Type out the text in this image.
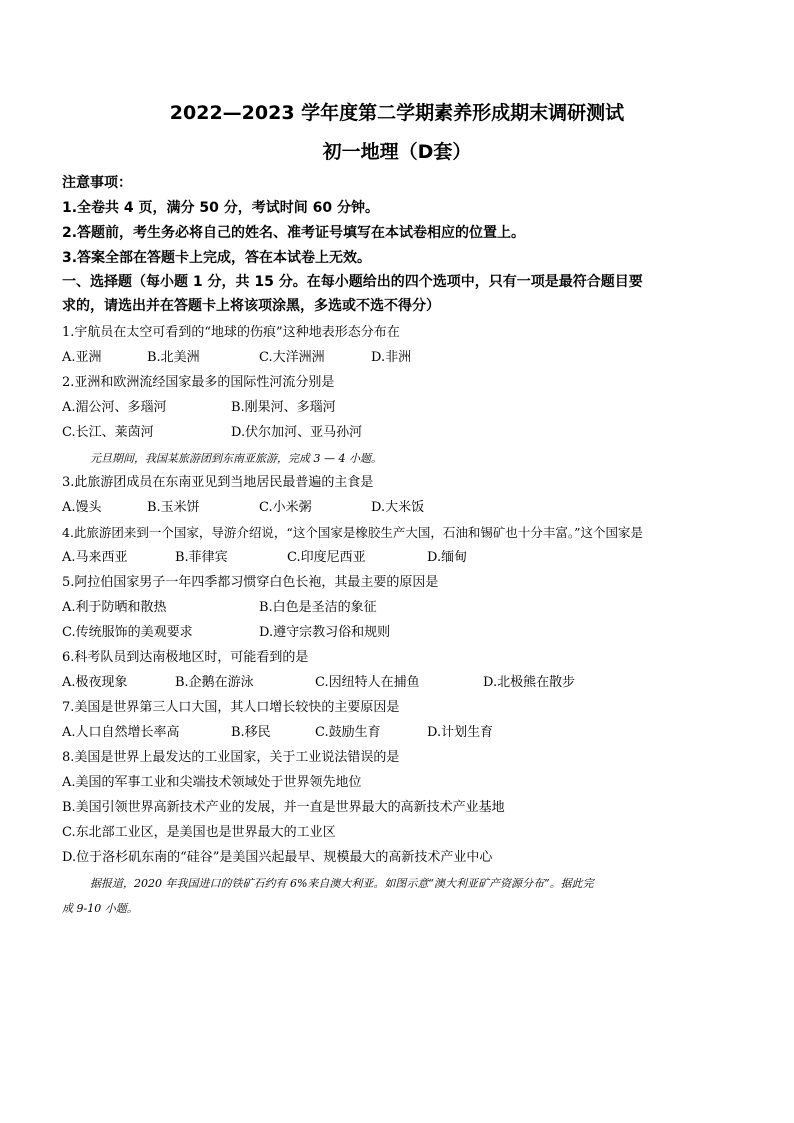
2022—2023 学年度第二学期素养形成期末调研测试
初一地理（D套）
注意事项：
1.全卷共 4 页，满分 50 分，考试时间 60 分钟。
2.答题前，考生务必将自己的姓名、准考证号填写在本试卷相应的位置上。
3.答案全部在答题卡上完成，答在本试卷上无效。
一、选择题（每小题 1 分，共 15 分。在每小题给出的四个选项中，只有一项是最符合题目要
求的，请选出并在答题卡上将该项涂黑，多选或不选不得分）
1.宇航员在太空可看到的“地球的伤痕”这种地表形态分布在
A.亚洲	B.北美洲	C.大洋洲洲	D.非洲
2.亚洲和欧洲流经国家最多的国际性河流分别是
A.湄公河、多瑙河	B.刚果河、多瑙河
C.长江、莱茵河	D.伏尔加河、亚马孙河
元旦期间，我国某旅游团到东南亚旅游，完成 3 — 4 小题。
3.此旅游团成员在东南亚见到当地居民最普遍的主食是
A.馒头	B.玉米饼	C.小米粥	D.大米饭
4.此旅游团来到一个国家，导游介绍说，“这个国家是橡胶生产大国，石油和锡矿也十分丰富。”这个国家是
A.马来西亚	B.菲律宾	C.印度尼西亚	D.缅甸
5.阿拉伯国家男子一年四季都习惯穿白色长袍，其最主要的原因是
A.利于防晒和散热	B.白色是圣洁的象征
C.传统服饰的美观要求	D.遵守宗教习俗和规则
6.科考队员到达南极地区时，可能看到的是
A.极夜现象	B.企鹅在游泳	C.因纽特人在捕鱼	D.北极熊在散步
7.美国是世界第三人口大国，其人口增长较快的主要原因是
A.人口自然增长率高	B.移民	C.鼓励生育	D.计划生育
8.美国是世界上最发达的工业国家，关于工业说法错误的是
A.美国的军事工业和尖端技术领域处于世界领先地位
B.美国引领世界高新技术产业的发展，并一直是世界最大的高新技术产业基地
C.东北部工业区，是美国也是世界最大的工业区
D.位于洛杉矶东南的“硅谷”是美国兴起最早、规模最大的高新技术产业中心
据报道，2020 年我国进口的铁矿石约有 6%来自澳大利亚。如图示意“澳大利亚矿产资源分布”。据此完
成 9-10 小题。
